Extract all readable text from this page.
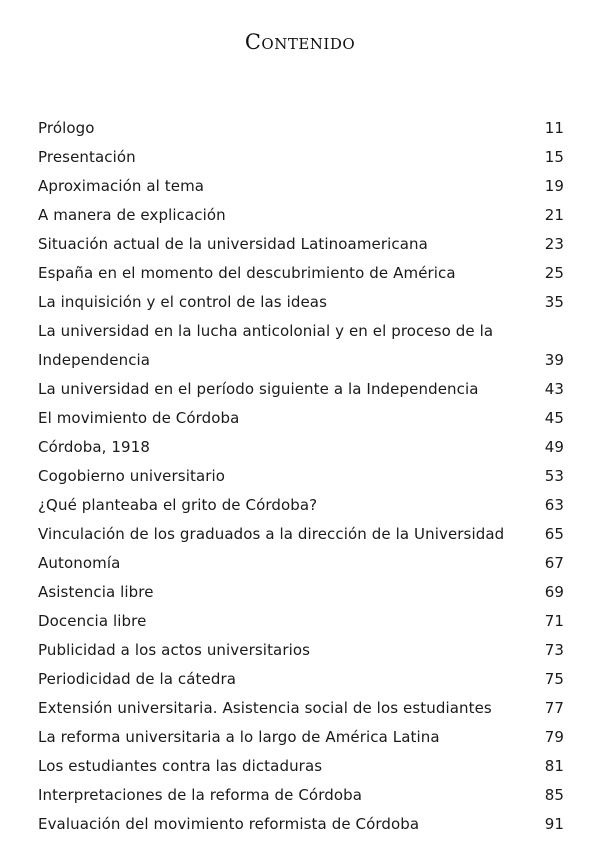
Contenido
Prólogo	11
Presentación	15
Aproximación al tema	19
A manera de explicación	21
Situación actual de la universidad Latinoamericana	23
España en el momento del descubrimiento de América	25
La inquisición y el control de las ideas	35
La universidad en la lucha anticolonial y en el proceso de la Independencia	39
La universidad en el período siguiente a la Independencia	43
El movimiento de Córdoba	45
Córdoba, 1918	49
Cogobierno universitario	53
¿Qué planteaba el grito de Córdoba?	63
Vinculación de los graduados a la dirección de la Universidad	65
Autonomía	67
Asistencia libre	69
Docencia libre	71
Publicidad a los actos universitarios	73
Periodicidad de la cátedra	75
Extensión universitaria. Asistencia social de los estudiantes	77
La reforma universitaria a lo largo de América Latina	79
Los estudiantes contra las dictaduras	81
Interpretaciones de la reforma de Córdoba	85
Evaluación del movimiento reformista de Córdoba	91
